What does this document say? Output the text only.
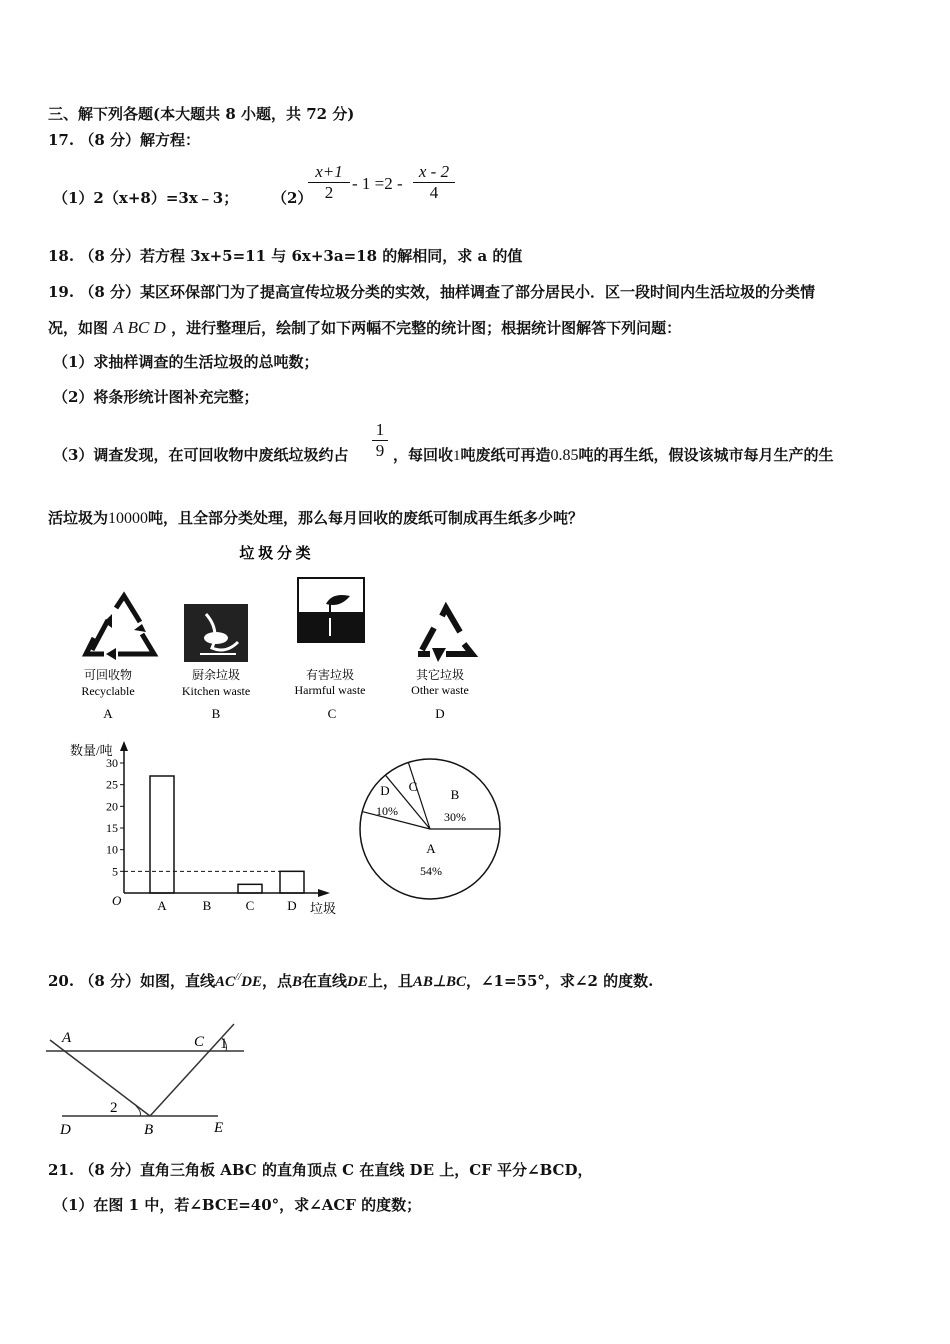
三、解下列各题(本大题共 8 小题，共 72 分)
17. （8 分）解方程：
（1）2（x+8）=3x﹣3； （2）
$\frac{x+1}{2} - 1 =2 - \frac{x - 2}{4}$
18. （8 分）若方程 3x+5=11 与 6x+3a=18 的解相同，求 a 的值
19. （8 分）某区环保部门为了提高宣传垃圾分类的实效，抽样调查了部分居民小．区一段时间内生活垃圾的分类情
况，如图 A BC D ，进行整理后，绘制了如下两幅不完整的统计图；根据统计图解答下列问题：
（1）求抽样调查的生活垃圾的总吨数；
（2）将条形统计图补充完整；
（3）调查发现，在可回收物中废纸垃圾约占 $\frac{1}{9}$ ，每回收1吨废纸可再造0.85吨的再生纸，假设该城市每月生产的生
活垃圾为10000吨，且全部分类处理，那么每月回收的废纸可制成再生纸多少吨？
垃 圾 分 类
可回收物
Recyclable
A
厨余垃圾
Kitchen waste
B
有害垃圾
Harmful waste
C
其它垃圾
Other waste
D
数量/吨
垃圾
O
5
10
15
20
25
30
A	B	C	D
A
54%
D
10%
C
B
30%
20. （8 分）如图，直线AC//DE，点B在直线DE上，且AB⊥BC，∠1=55°，求∠2 的度数.
A	C 1
2
D	B	E
21. （8 分）直角三角板 ABC 的直角顶点 C 在直线 DE 上，CF 平分∠BCD，
（1）在图 1 中，若∠BCE=40°，求∠ACF 的度数；
